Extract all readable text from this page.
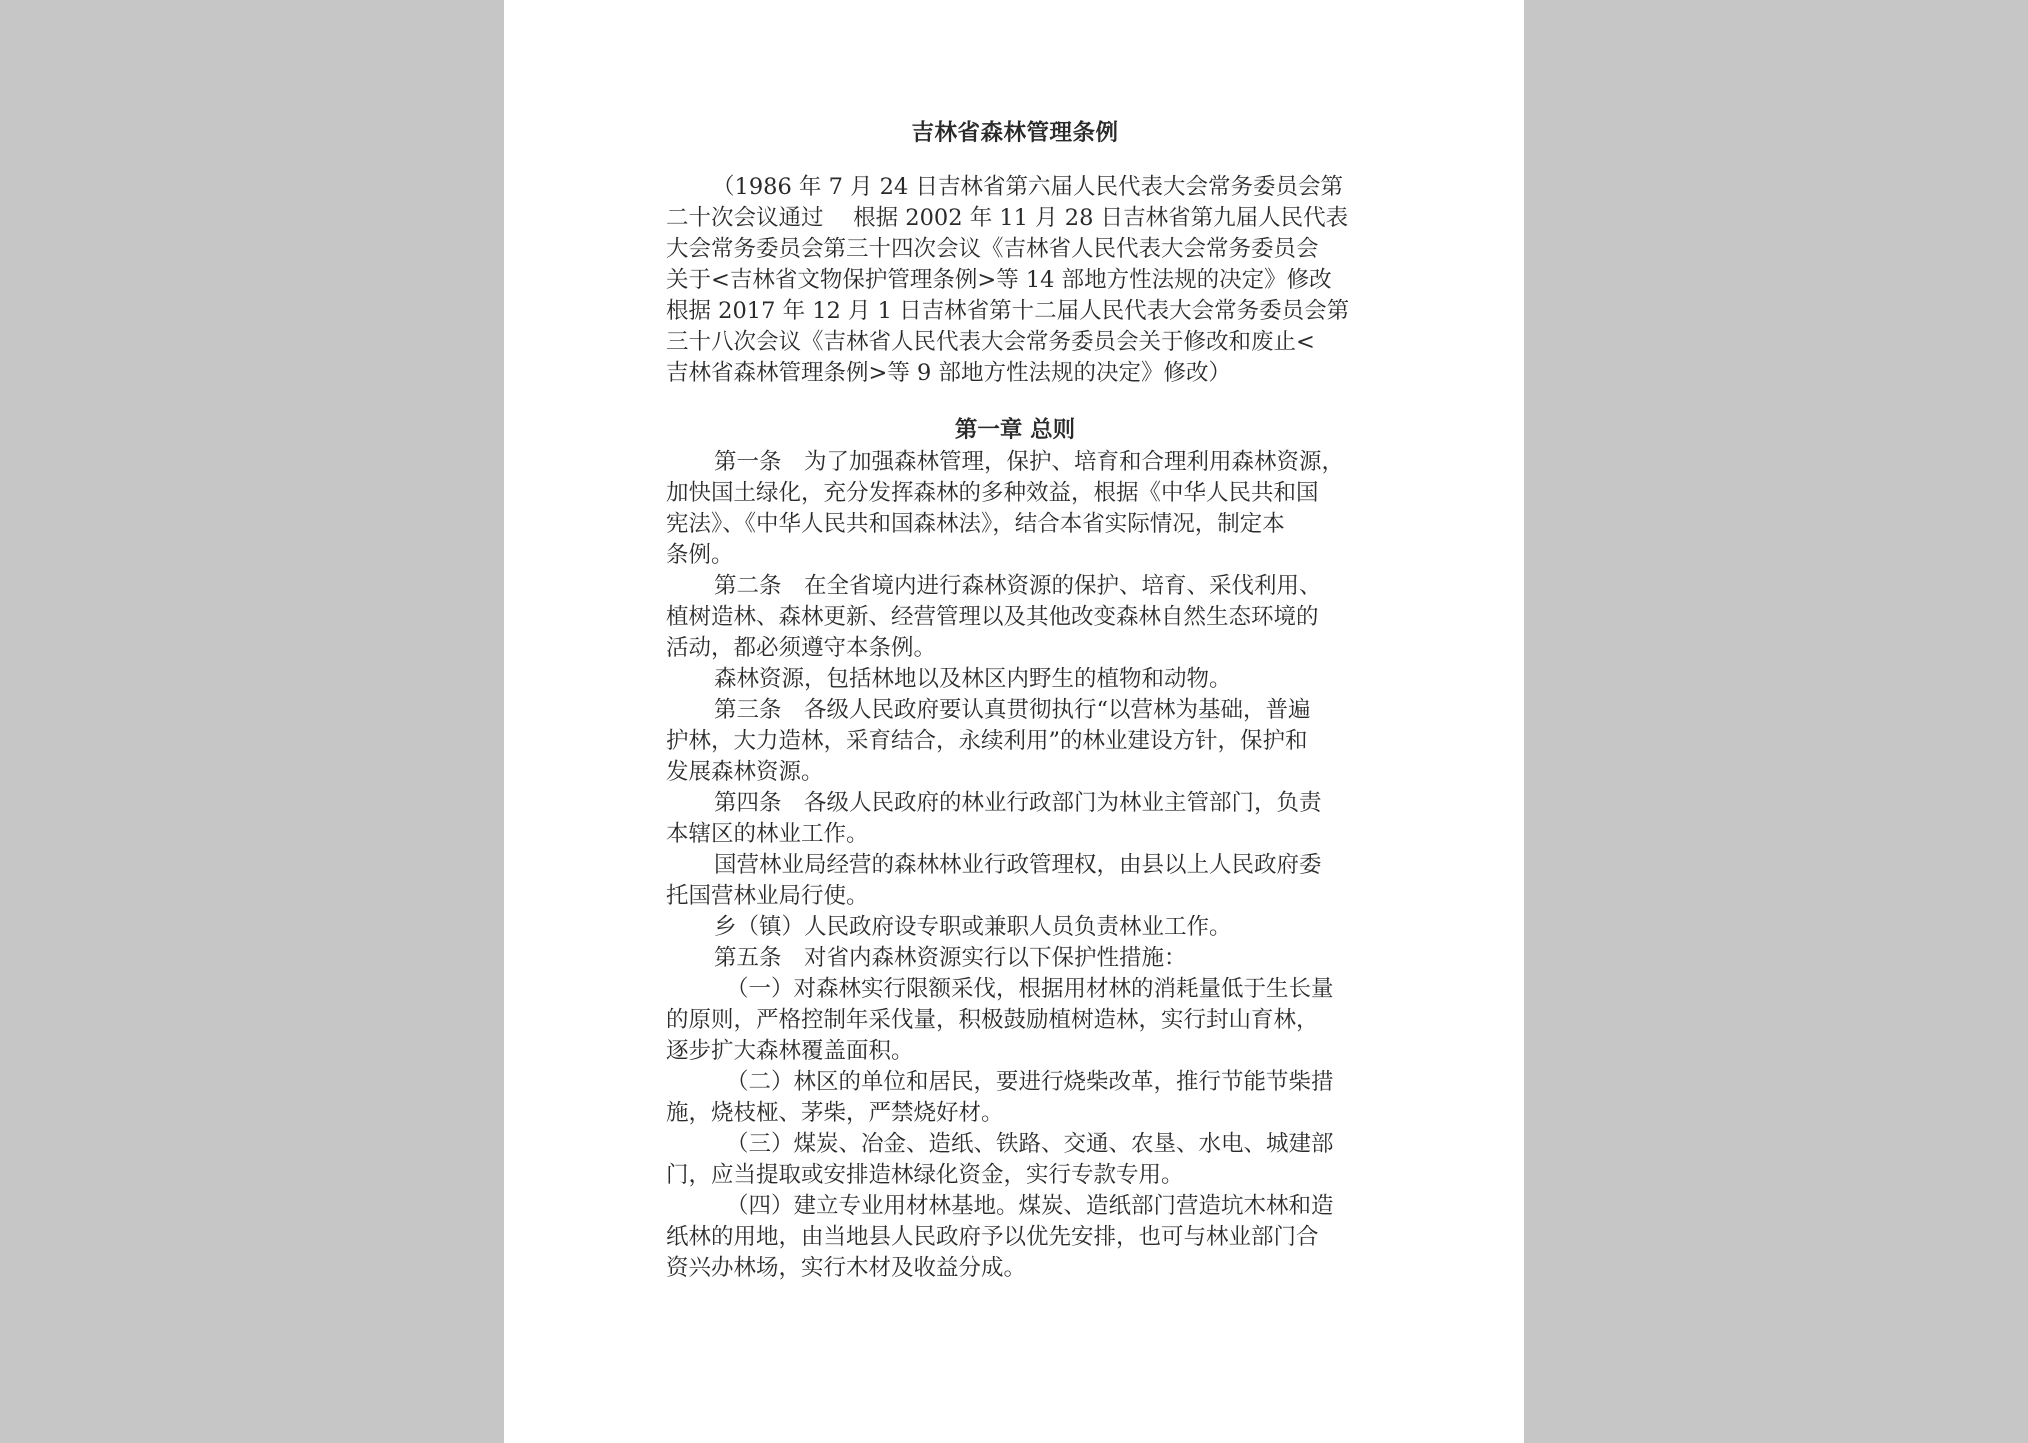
吉林省森林管理条例
（1986 年 7 月 24 日吉林省第六届人民代表大会常务委员会第
二十次会议通过　 根据 2002 年 11 月 28 日吉林省第九届人民代表
大会常务委员会第三十四次会议《吉林省人民代表大会常务委员会
关于<吉林省文物保护管理条例>等 14 部地方性法规的决定》修改
根据 2017 年 12 月 1 日吉林省第十二届人民代表大会常务委员会第
三十八次会议《吉林省人民代表大会常务委员会关于修改和废止<
吉林省森林管理条例>等 9 部地方性法规的决定》修改）
第一章 总则
第一条　为了加强森林管理，保护、培育和合理利用森林资源，
加快国土绿化，充分发挥森林的多种效益，根据《中华人民共和国
宪法》、《中华人民共和国森林法》，结合本省实际情况，制定本
条例。
第二条　在全省境内进行森林资源的保护、培育、采伐利用、
植树造林、森林更新、经营管理以及其他改变森林自然生态环境的
活动，都必须遵守本条例。
森林资源，包括林地以及林区内野生的植物和动物。
第三条　各级人民政府要认真贯彻执行“以营林为基础，普遍
护林，大力造林，采育结合，永续利用”的林业建设方针，保护和
发展森林资源。
第四条　各级人民政府的林业行政部门为林业主管部门，负责
本辖区的林业工作。
国营林业局经营的森林林业行政管理权，由县以上人民政府委
托国营林业局行使。
乡（镇）人民政府设专职或兼职人员负责林业工作。
第五条　对省内森林资源实行以下保护性措施：
（一）对森林实行限额采伐，根据用材林的消耗量低于生长量
的原则，严格控制年采伐量，积极鼓励植树造林，实行封山育林，
逐步扩大森林覆盖面积。
（二）林区的单位和居民，要进行烧柴改革，推行节能节柴措
施，烧枝桠、茅柴，严禁烧好材。
（三）煤炭、冶金、造纸、铁路、交通、农垦、水电、城建部
门，应当提取或安排造林绿化资金，实行专款专用。
（四）建立专业用材林基地。煤炭、造纸部门营造坑木林和造
纸林的用地，由当地县人民政府予以优先安排，也可与林业部门合
资兴办林场，实行木材及收益分成。
